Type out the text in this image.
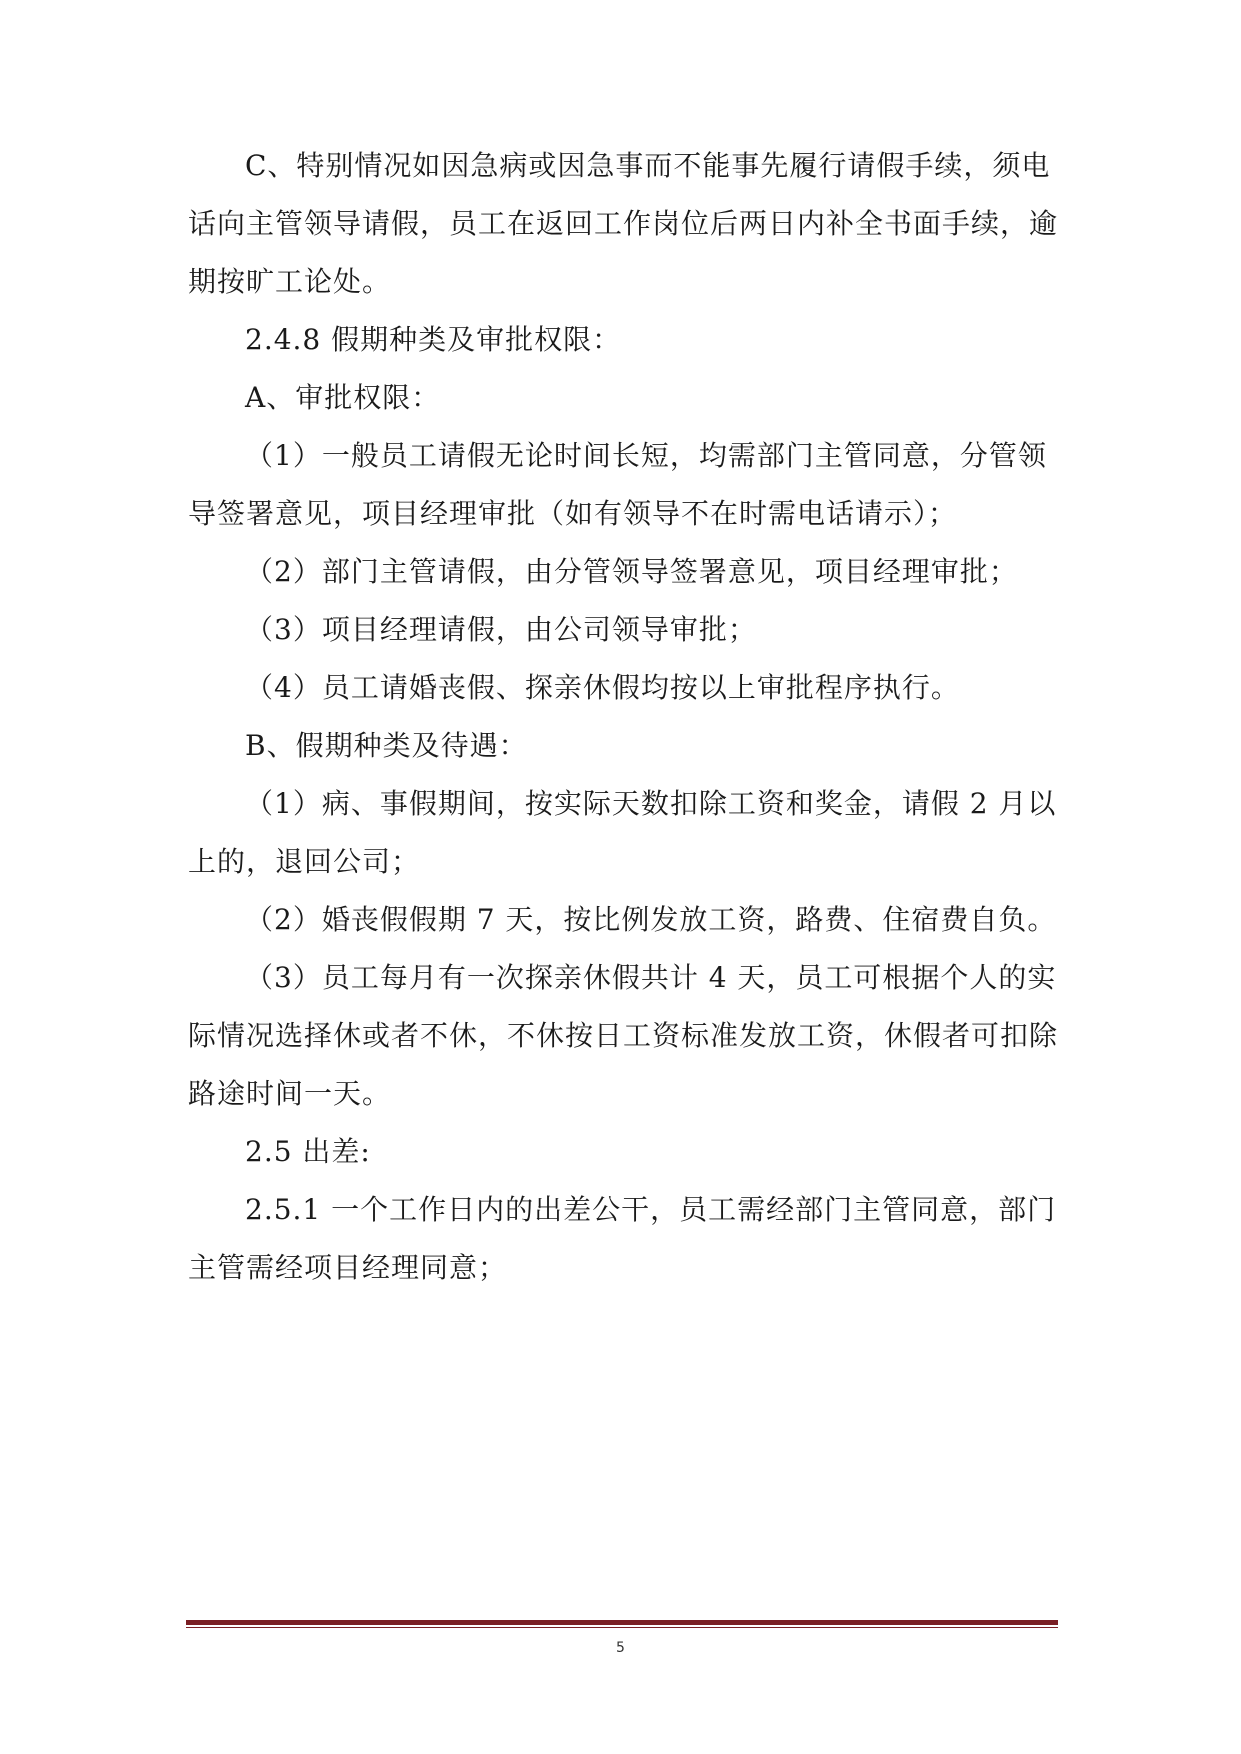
C、特别情况如因急病或因急事而不能事先履行请假手续，须电
话向主管领导请假，员工在返回工作岗位后两日内补全书面手续，逾
期按旷工论处。
2.4.8 假期种类及审批权限：
A、审批权限：
（1）一般员工请假无论时间长短，均需部门主管同意，分管领
导签署意见，项目经理审批（如有领导不在时需电话请示）；
（2）部门主管请假，由分管领导签署意见，项目经理审批；
（3）项目经理请假，由公司领导审批；
（4）员工请婚丧假、探亲休假均按以上审批程序执行。
B、假期种类及待遇：
（1）病、事假期间，按实际天数扣除工资和奖金，请假 2 月以
上的，退回公司；
（2）婚丧假假期 7 天，按比例发放工资，路费、住宿费自负。
（3）员工每月有一次探亲休假共计 4 天，员工可根据个人的实
际情况选择休或者不休，不休按日工资标准发放工资，休假者可扣除
路途时间一天。
2.5 出差:
2.5.1 一个工作日内的出差公干，员工需经部门主管同意，部门
主管需经项目经理同意；
5
